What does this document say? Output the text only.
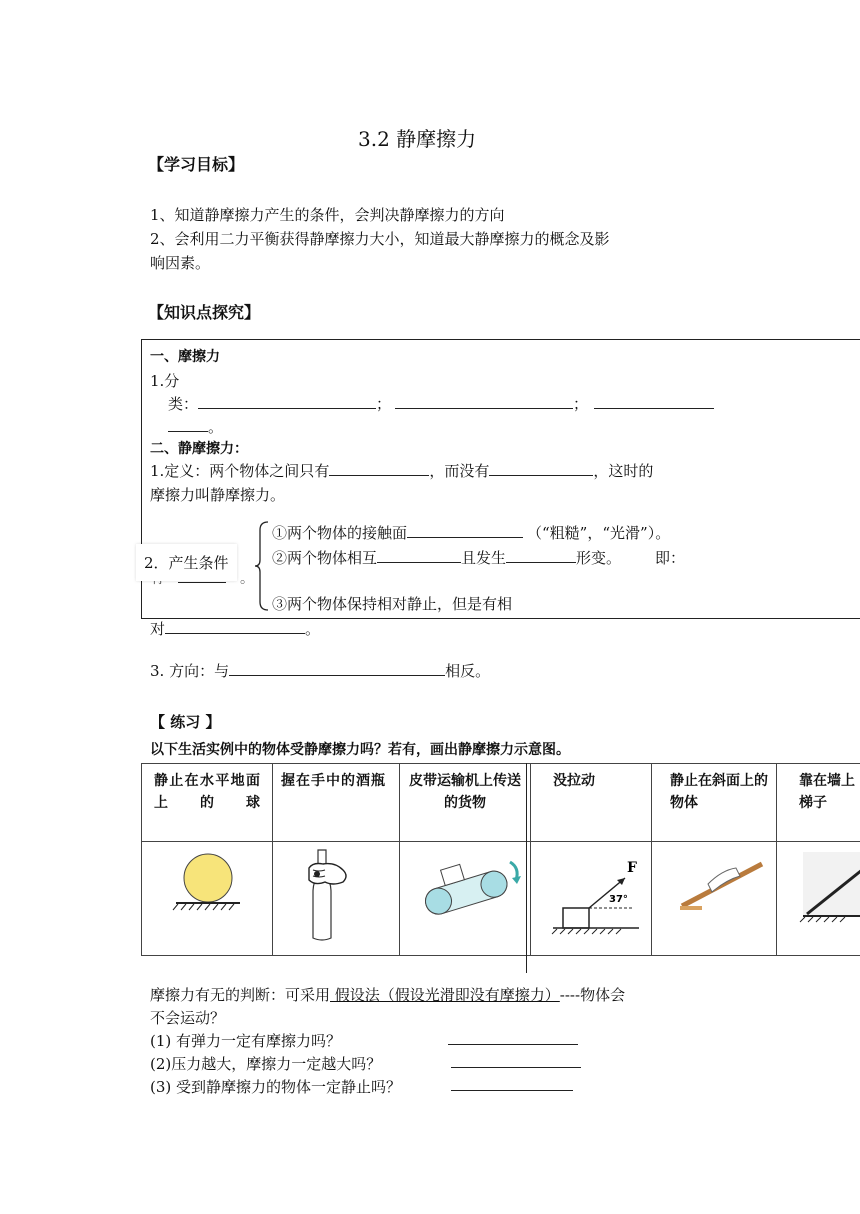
3.2 静摩擦力
【学习目标】
1、知道静摩擦力产生的条件，会判决静摩擦力的方向
2、会利用二力平衡获得静摩擦力大小，知道最大静摩擦力的概念及影
响因素。
【知识点探究】
一、摩擦力
1.分
类：	；	；
。
二、静摩擦力：
1.定义：两个物体之间只有	，而没有	，这时的
摩擦力叫静摩擦力。
①两个物体的接触面	（“粗糙”，“光滑”）。
②两个物体相互	且发生	形变。 即：
。
2．产生条件
③两个物体保持相对静止，但是有相
对	。
3. 方向：与	相反。
【 练习 】
以下生活实例中的物体受静摩擦力吗？若有，画出静摩擦力示意图。
静止在水平地面上的球	握在手中的酒瓶	皮带运输机上传送的货物	没拉动	静止在斜面上的物体	靠在墙上梯子

F
37°

摩擦力有无的判断：可采用 假设法（假设光滑即没有摩擦力）----物体会
不会运动？
(1) 有弹力一定有摩擦力吗？
(2)压力越大，摩擦力一定越大吗？
(3) 受到静摩擦力的物体一定静止吗？
